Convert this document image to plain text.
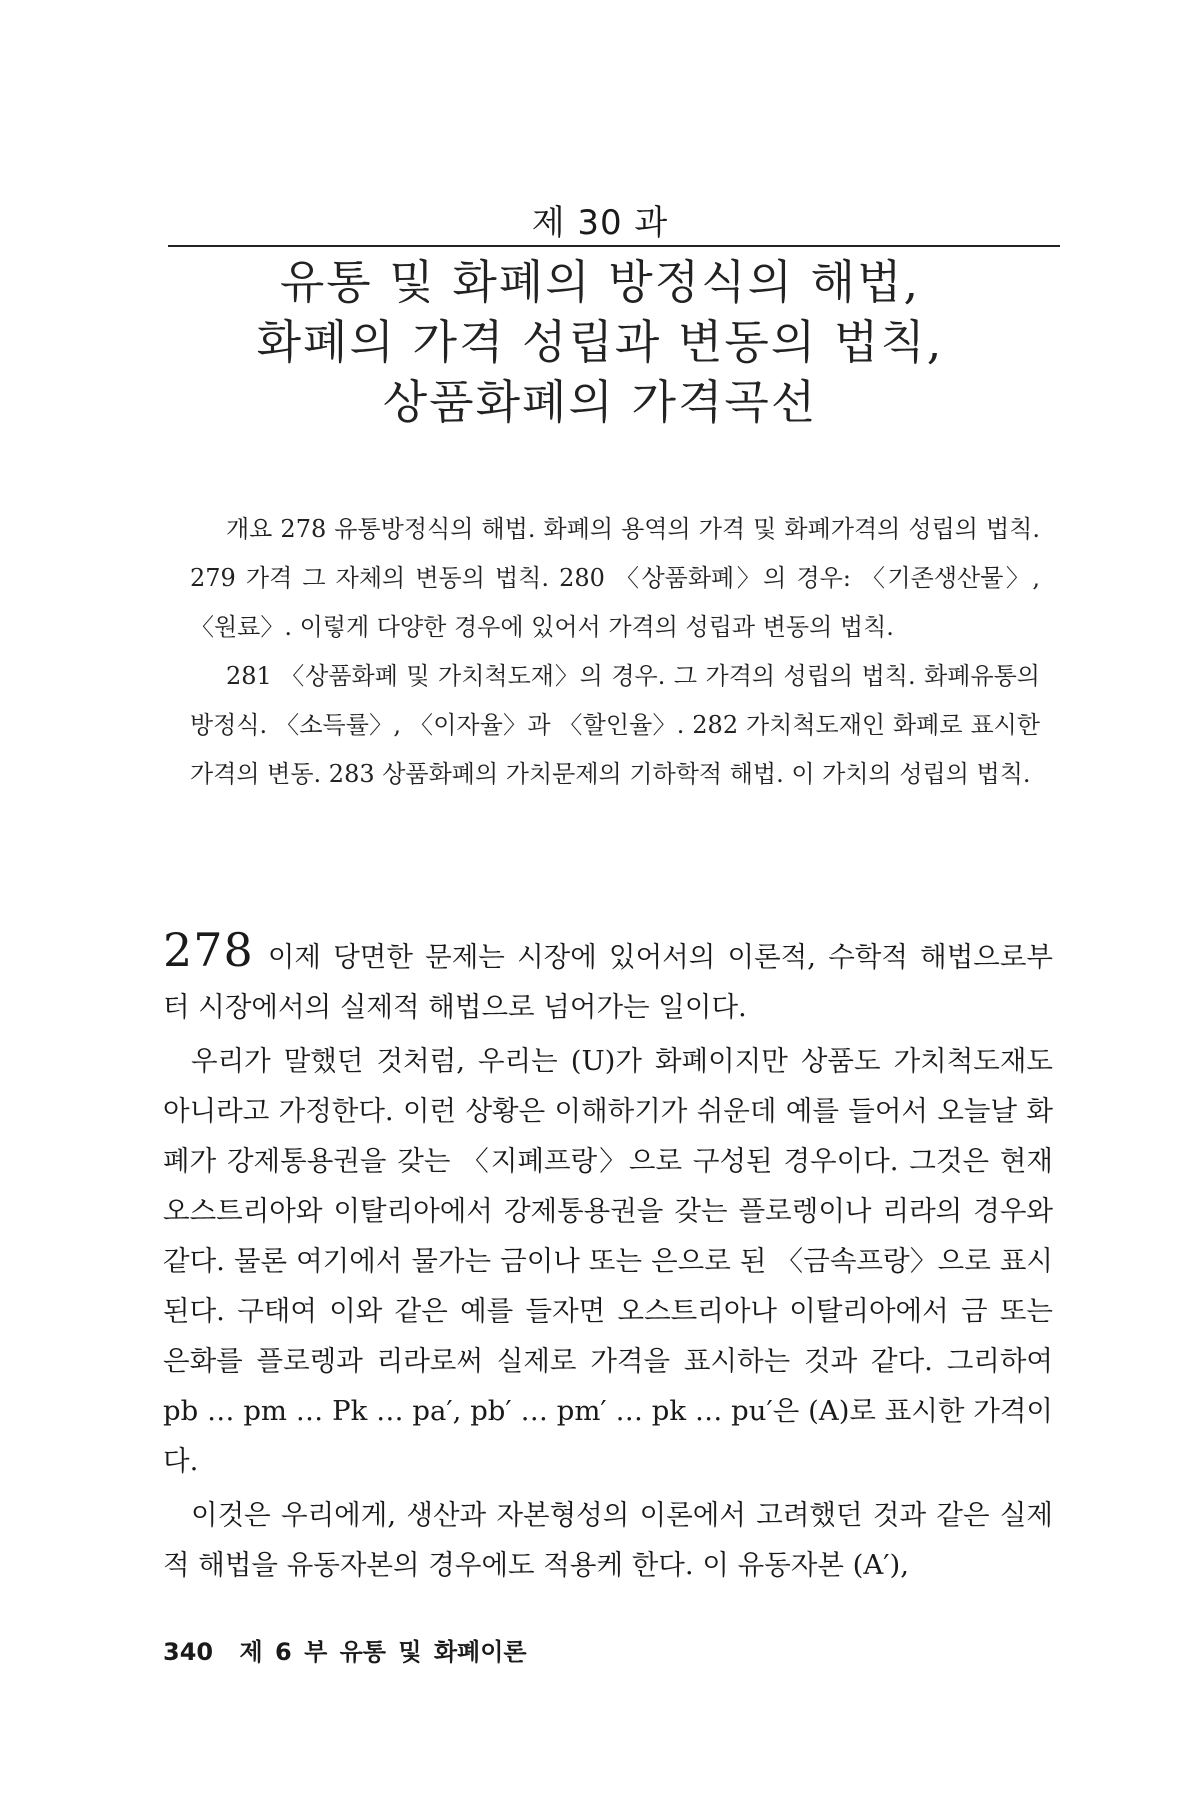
제 30 과
유통 및 화폐의 방정식의 해법,
화폐의 가격 성립과 변동의 법칙,
상품화폐의 가격곡선

개요 278 유통방정식의 해법. 화폐의 용역의 가격 및 화폐가격의 성립의 법칙. 279 가격 그 자체의 변동의 법칙. 280 〈상품화폐〉의 경우: 〈기존생산물〉, 〈원료〉. 이렇게 다양한 경우에 있어서 가격의 성립과 변동의 법칙.

281 〈상품화폐 및 가치척도재〉의 경우. 그 가격의 성립의 법칙. 화폐유통의 방정식. 〈소득률〉, 〈이자율〉과 〈할인율〉. 282 가치척도재인 화폐로 표시한 가격의 변동. 283 상품화폐의 가치문제의 기하학적 해법. 이 가치의 성립의 법칙.

278 이제 당면한 문제는 시장에 있어서의 이론적, 수학적 해법으로부터 시장에서의 실제적 해법으로 넘어가는 일이다.

우리가 말했던 것처럼, 우리는 (U)가 화폐이지만 상품도 가치척도재도 아니라고 가정한다. 이런 상황은 이해하기가 쉬운데 예를 들어서 오늘날 화폐가 강제통용권을 갖는 〈지폐프랑〉으로 구성된 경우이다. 그것은 현재 오스트리아와 이탈리아에서 강제통용권을 갖는 플로렝이나 리라의 경우와 같다. 물론 여기에서 물가는 금이나 또는 은으로 된 〈금속프랑〉으로 표시된다. 구태여 이와 같은 예를 들자면 오스트리아나 이탈리아에서 금 또는 은화를 플로렝과 리라로써 실제로 가격을 표시하는 것과 같다. 그리하여 pb … pm … Pk … pa′, pb′ … pm′ … pk … pu′은 (A)로 표시한 가격이다.

이것은 우리에게, 생산과 자본형성의 이론에서 고려했던 것과 같은 실제적 해법을 유동자본의 경우에도 적용케 한다. 이 유동자본 (A′),

340 제 6 부 유통 및 화폐이론
